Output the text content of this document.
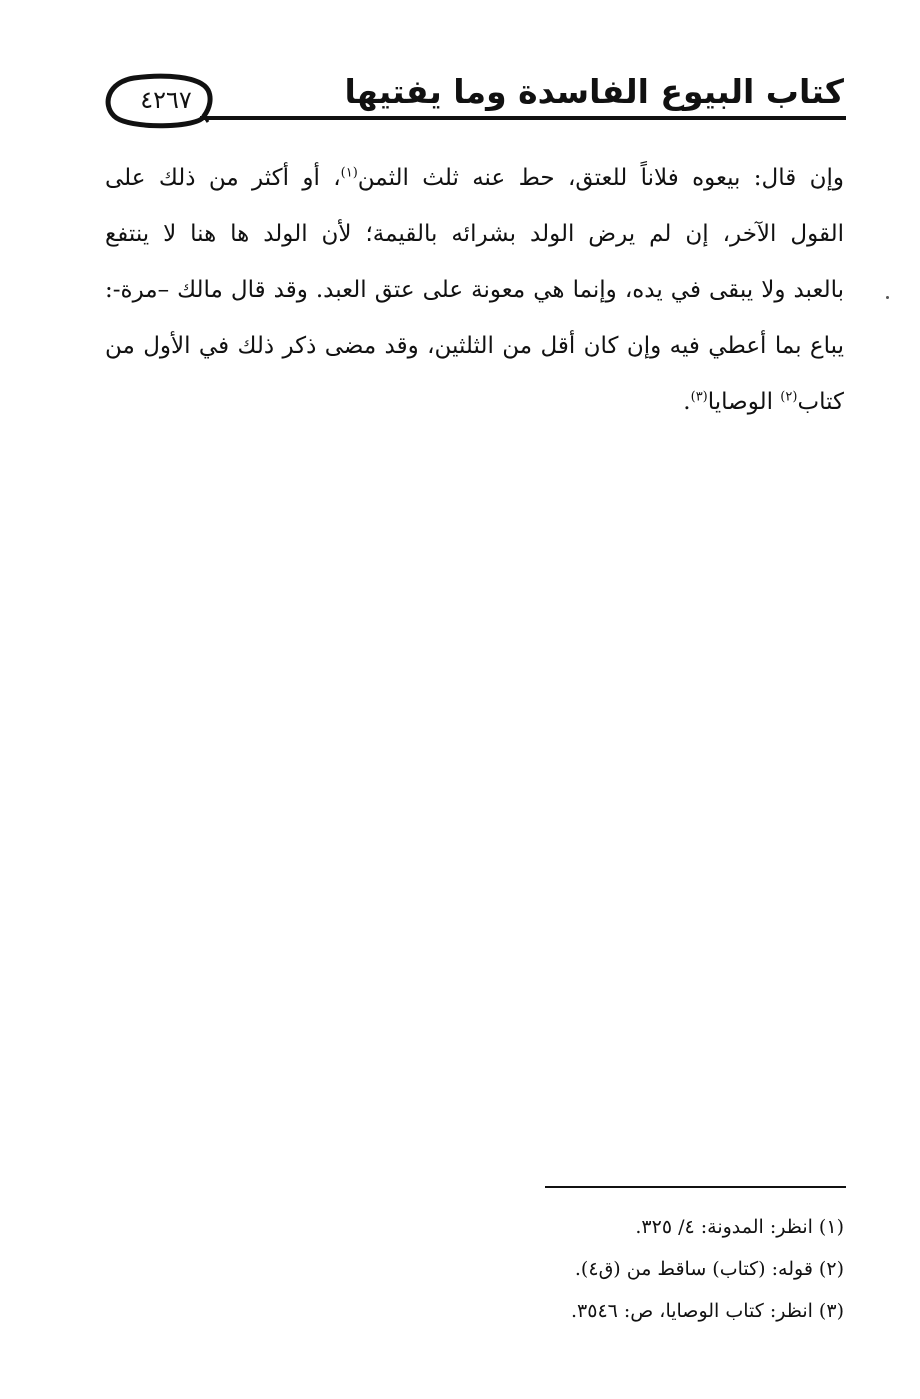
كتاب البيوع الفاسدة وما يفتيها
٤٢٦٧
وإن قال: بيعوه فلاناً للعتق، حط عنه ثلث الثمن$^{(١)}$، أو أكثر من ذلك على
القول الآخر، إن لم يرض الولد بشرائه بالقيمة؛ لأن الولد ها هنا لا ينتفع
بالعبد ولا يبقى في يده، وإنما هي معونة على عتق العبد. وقد قال مالك –مرة-:
يباع بما أعطي فيه وإن كان أقل من الثلثين، وقد مضى ذكر ذلك في الأول من
كتاب$^{(٢)}$ الوصايا$^{(٣)}$.
(١) انظر: المدونة: ٤/ ٣٢٥.
(٢) قوله: (كتاب) ساقط من (ق٤).
(٣) انظر: كتاب الوصايا، ص: ٣٥٤٦.
